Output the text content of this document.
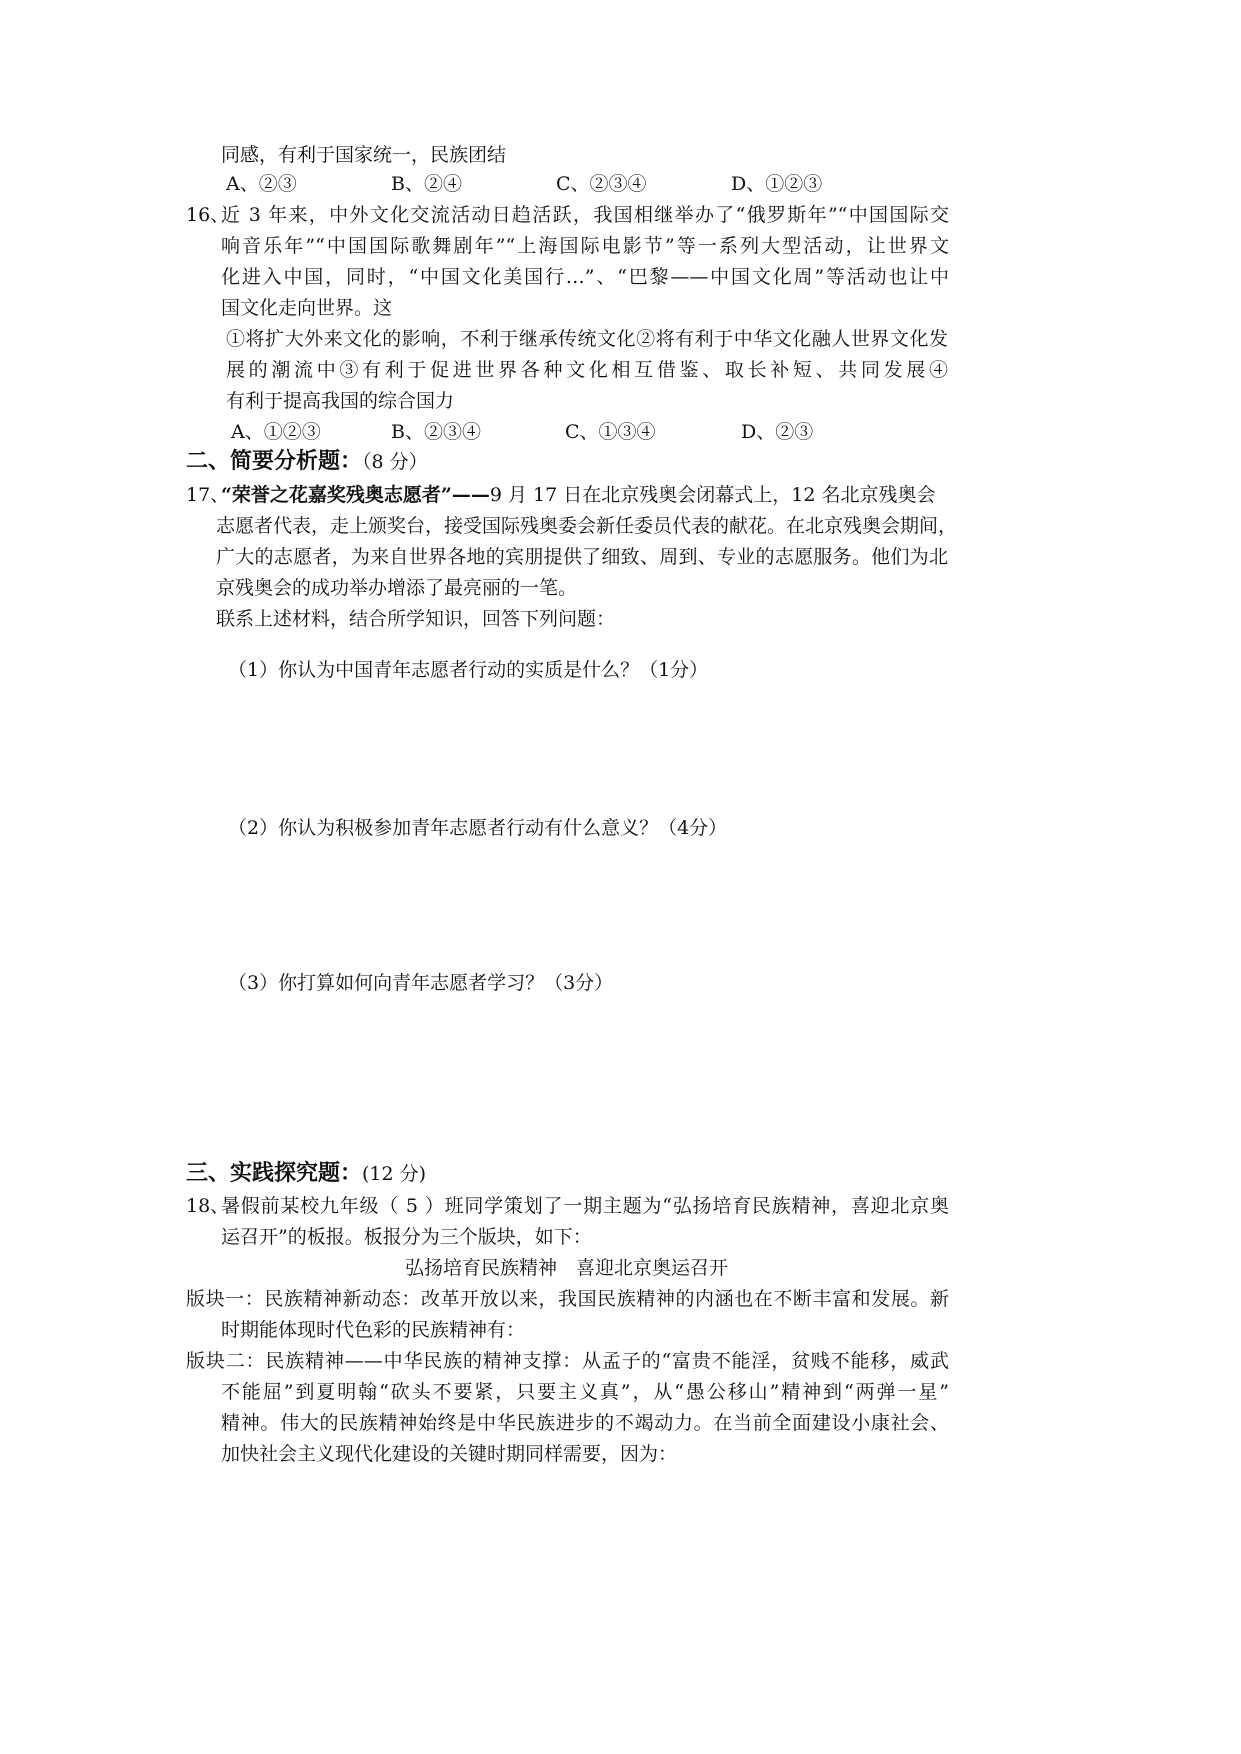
同感，有利于国家统一，民族团结
A、②③	B、②④	C、②③④	D、①②③
16、
近 3 年来，中外文化交流活动日趋活跃，我国相继举办了“俄罗斯年”“中国国际交
响音乐年”“中国国际歌舞剧年”“上海国际电影节”等一系列大型活动，让世界文
化进入中国，同时，“中国文化美国行…”、“巴黎——中国文化周”等活动也让中
国文化走向世界。这
①将扩大外来文化的影响，不利于继承传统文化②将有利于中华文化融人世界文化发
展的潮流中③有利于促进世界各种文化相互借鉴、取长补短、共同发展④
有利于提高我国的综合国力
A、①②③	B、②③④	C、①③④	D、②③
二、简要分析题：（8 分）
17、
“荣誉之花嘉奖残奥志愿者”——9 月 17 日在北京残奥会闭幕式上，12 名北京残奥会
志愿者代表，走上颁奖台，接受国际残奥委会新任委员代表的献花。在北京残奥会期间，
广大的志愿者，为来自世界各地的宾朋提供了细致、周到、专业的志愿服务。他们为北
京残奥会的成功举办增添了最亮丽的一笔。
联系上述材料，结合所学知识，回答下列问题：
（1）你认为中国青年志愿者行动的实质是什么？（1分）
（2）你认为积极参加青年志愿者行动有什么意义？（4分）
（3）你打算如何向青年志愿者学习？（3分）
三、实践探究题：(12 分)
18、
暑假前某校九年级（ 5 ）班同学策划了一期主题为“弘扬培育民族精神，喜迎北京奥
运召开”的板报。板报分为三个版块，如下：
弘扬培育民族精神　喜迎北京奥运召开
版块一：民族精神新动态：改革开放以来，我国民族精神的内涵也在不断丰富和发展。新
时期能体现时代色彩的民族精神有：
版块二：民族精神——中华民族的精神支撑：从孟子的“富贵不能淫，贫贱不能移，威武
不能屈”到夏明翰“砍头不要紧，只要主义真”，从“愚公移山”精神到“两弹一星”
精神。伟大的民族精神始终是中华民族进步的不竭动力。在当前全面建设小康社会、
加快社会主义现代化建设的关键时期同样需要，因为：
